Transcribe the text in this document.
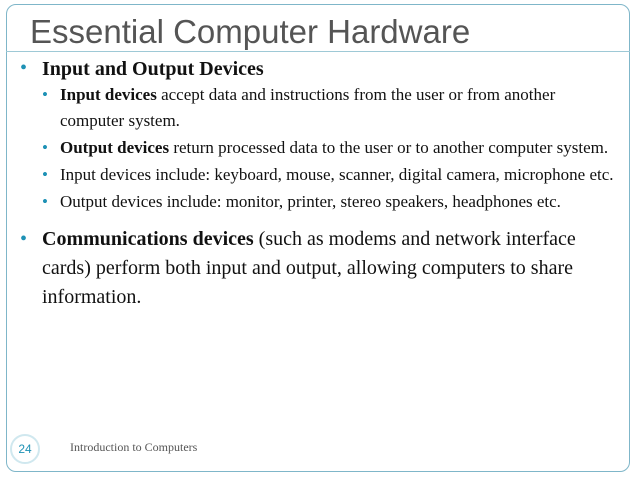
Essential Computer Hardware
• Input and Output Devices
• Input devices accept data and instructions from the user or from another computer system.
• Output devices return processed data to the user or to another computer system.
• Input devices include: keyboard, mouse, scanner, digital camera, microphone etc.
• Output devices include: monitor, printer, stereo speakers, headphones etc.
• Communications devices (such as modems and network interface cards) perform both input and output, allowing computers to share information.
24	Introduction to Computers
